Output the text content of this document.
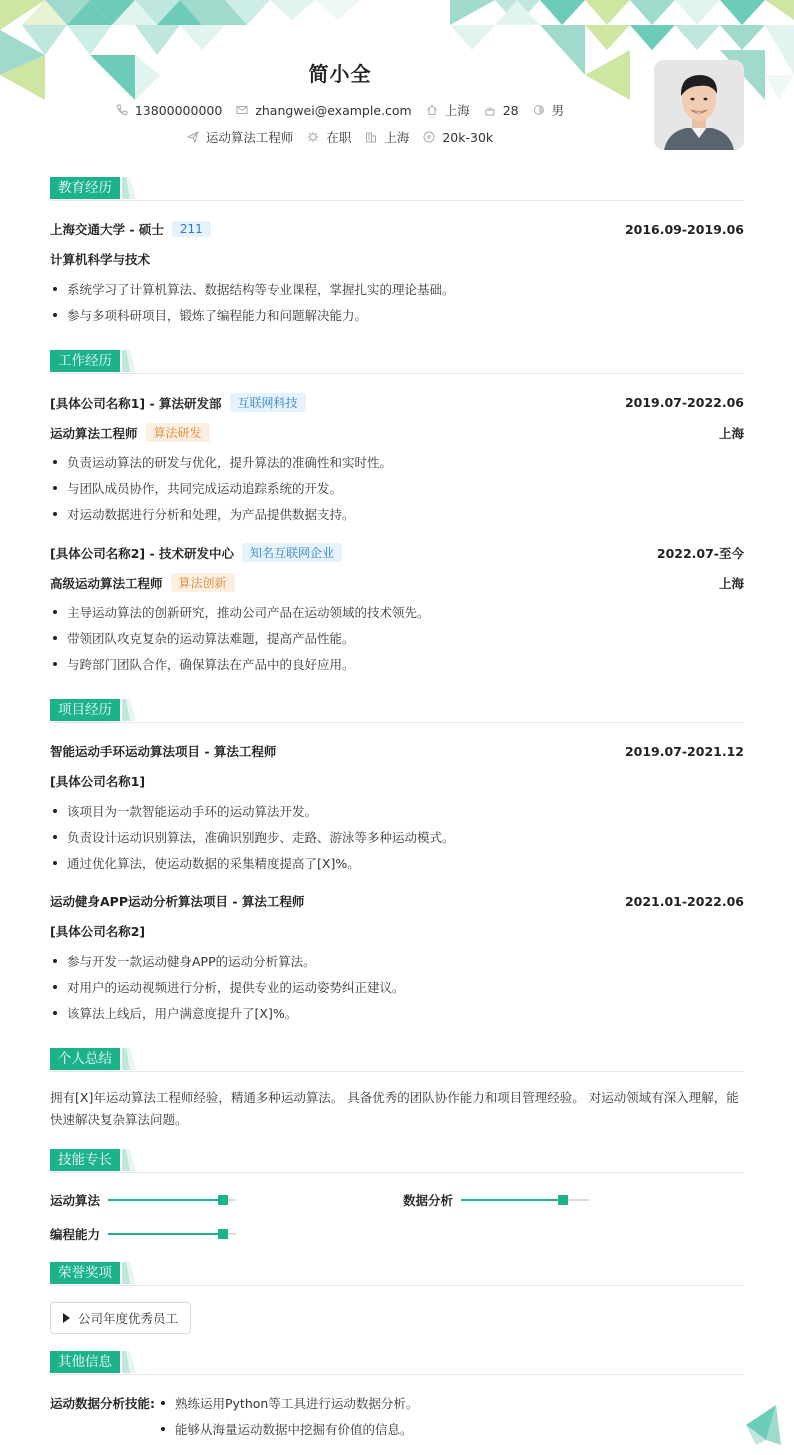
简小全
13800000000	zhangwei@example.com	上海	28	男
运动算法工程师	在职	上海	20k-30k
教育经历
上海交通大学 - 硕士	211	2016.09-2019.06
计算机科学与技术
系统学习了计算机算法、数据结构等专业课程，掌握扎实的理论基础。
参与多项科研项目，锻炼了编程能力和问题解决能力。
工作经历
[具体公司名称1] - 算法研发部	互联网科技	2019.07-2022.06
运动算法工程师	算法研发	上海
负责运动算法的研发与优化，提升算法的准确性和实时性。
与团队成员协作，共同完成运动追踪系统的开发。
对运动数据进行分析和处理，为产品提供数据支持。
[具体公司名称2] - 技术研发中心	知名互联网企业	2022.07-至今
高级运动算法工程师	算法创新	上海
主导运动算法的创新研究，推动公司产品在运动领域的技术领先。
带领团队攻克复杂的运动算法难题，提高产品性能。
与跨部门团队合作，确保算法在产品中的良好应用。
项目经历
智能运动手环运动算法项目 - 算法工程师	2019.07-2021.12
[具体公司名称1]
该项目为一款智能运动手环的运动算法开发。
负责设计运动识别算法，准确识别跑步、走路、游泳等多种运动模式。
通过优化算法，使运动数据的采集精度提高了[X]%。
运动健身APP运动分析算法项目 - 算法工程师	2021.01-2022.06
[具体公司名称2]
参与开发一款运动健身APP的运动分析算法。
对用户的运动视频进行分析，提供专业的运动姿势纠正建议。
该算法上线后，用户满意度提升了[X]%。
个人总结
拥有[X]年运动算法工程师经验，精通多种运动算法。 具备优秀的团队协作能力和项目管理经验。 对运动领域有深入理解，能快速解决复杂算法问题。
技能专长
运动算法	数据分析
编程能力
荣誉奖项
公司年度优秀员工
其他信息
运动数据分析技能:	熟练运用Python等工具进行运动数据分析。
能够从海量运动数据中挖掘有价值的信息。
